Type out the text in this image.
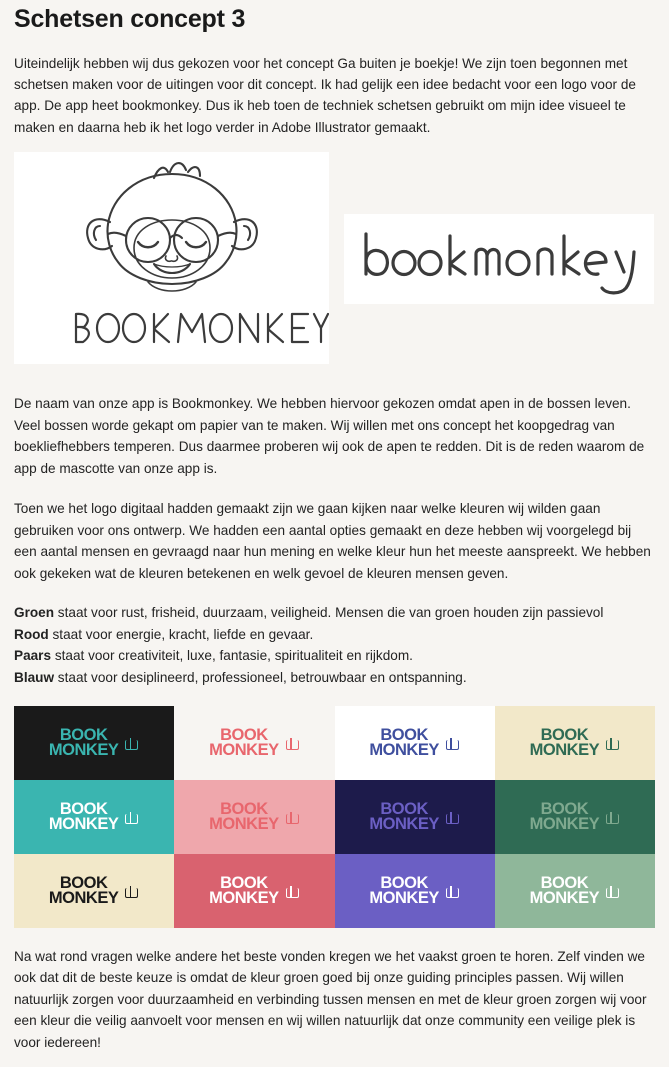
Schetsen concept 3

Uiteindelijk hebben wij dus gekozen voor het concept Ga buiten je boekje! We zijn toen begonnen met schetsen maken voor de uitingen voor dit concept. Ik had gelijk een idee bedacht voor een logo voor de app. De app heet bookmonkey. Dus ik heb toen de techniek schetsen gebruikt om mijn idee visueel te maken en daarna heb ik het logo verder in Adobe Illustrator gemaakt.

De naam van onze app is Bookmonkey. We hebben hiervoor gekozen omdat apen in de bossen leven. Veel bossen worde gekapt om papier van te maken. Wij willen met ons concept het koopgedrag van boekliefhebbers temperen. Dus daarmee proberen wij ook de apen te redden. Dit is de reden waarom de app de mascotte van onze app is.

Toen we het logo digitaal hadden gemaakt zijn we gaan kijken naar welke kleuren wij wilden gaan gebruiken voor ons ontwerp. We hadden een aantal opties gemaakt en deze hebben wij voorgelegd bij een aantal mensen en gevraagd naar hun mening en welke kleur hun het meeste aanspreekt. We hebben ook gekeken wat de kleuren betekenen en welk gevoel de kleuren mensen geven.

Groen staat voor rust, frisheid, duurzaam, veiligheid. Mensen die van groen houden zijn passievol
Rood staat voor energie, kracht, liefde en gevaar.
Paars staat voor creativiteit, luxe, fantasie, spiritualiteit en rijkdom.
Blauw staat voor desiplineerd, professioneel, betrouwbaar en ontspanning.
BOOK
MONKEY
BOOK
MONKEY
BOOK
MONKEY
BOOK
MONKEY
BOOK
MONKEY
BOOK
MONKEY
BOOK
MONKEY
BOOK
MONKEY
BOOK
MONKEY
BOOK
MONKEY
BOOK
MONKEY
BOOK
MONKEY

Na wat rond vragen welke andere het beste vonden kregen we het vaakst groen te horen. Zelf vinden we ook dat dit de beste keuze is omdat de kleur groen goed bij onze guiding principles passen. Wij willen natuurlijk zorgen voor duurzaamheid en verbinding tussen mensen en met de kleur groen zorgen wij voor een kleur die veilig aanvoelt voor mensen en wij willen natuurlijk dat onze community een veilige plek is voor iedereen!
